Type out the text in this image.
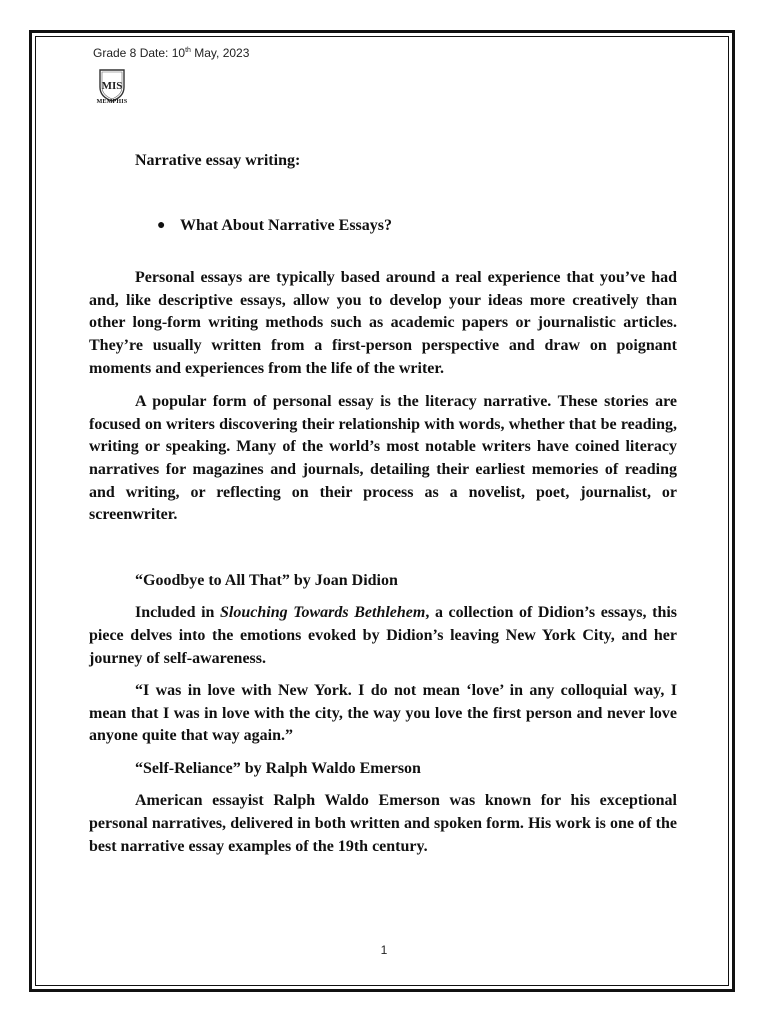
Grade 8 Date: 10th May, 2023
MIS
MEMPHIS

Narrative essay writing:

● What About Narrative Essays?

Personal essays are typically based around a real experience that you’ve had and, like descriptive essays, allow you to develop your ideas more creatively than other long-form writing methods such as academic papers or journalistic articles. They’re usually written from a first-person perspective and draw on poignant moments and experiences from the life of the writer.

A popular form of personal essay is the literacy narrative. These stories are focused on writers discovering their relationship with words, whether that be reading, writing or speaking. Many of the world’s most notable writers have coined literacy narratives for magazines and journals, detailing their earliest memories of reading and writing, or reflecting on their process as a novelist, poet, journalist, or screenwriter.

“Goodbye to All That” by Joan Didion

Included in Slouching Towards Bethlehem, a collection of Didion’s essays, this piece delves into the emotions evoked by Didion’s leaving New York City, and her journey of self-awareness.

“I was in love with New York. I do not mean ‘love’ in any colloquial way, I mean that I was in love with the city, the way you love the first person and never love anyone quite that way again.”

“Self-Reliance” by Ralph Waldo Emerson

American essayist Ralph Waldo Emerson was known for his exceptional personal narratives, delivered in both written and spoken form. His work is one of the best narrative essay examples of the 19th century.

1
